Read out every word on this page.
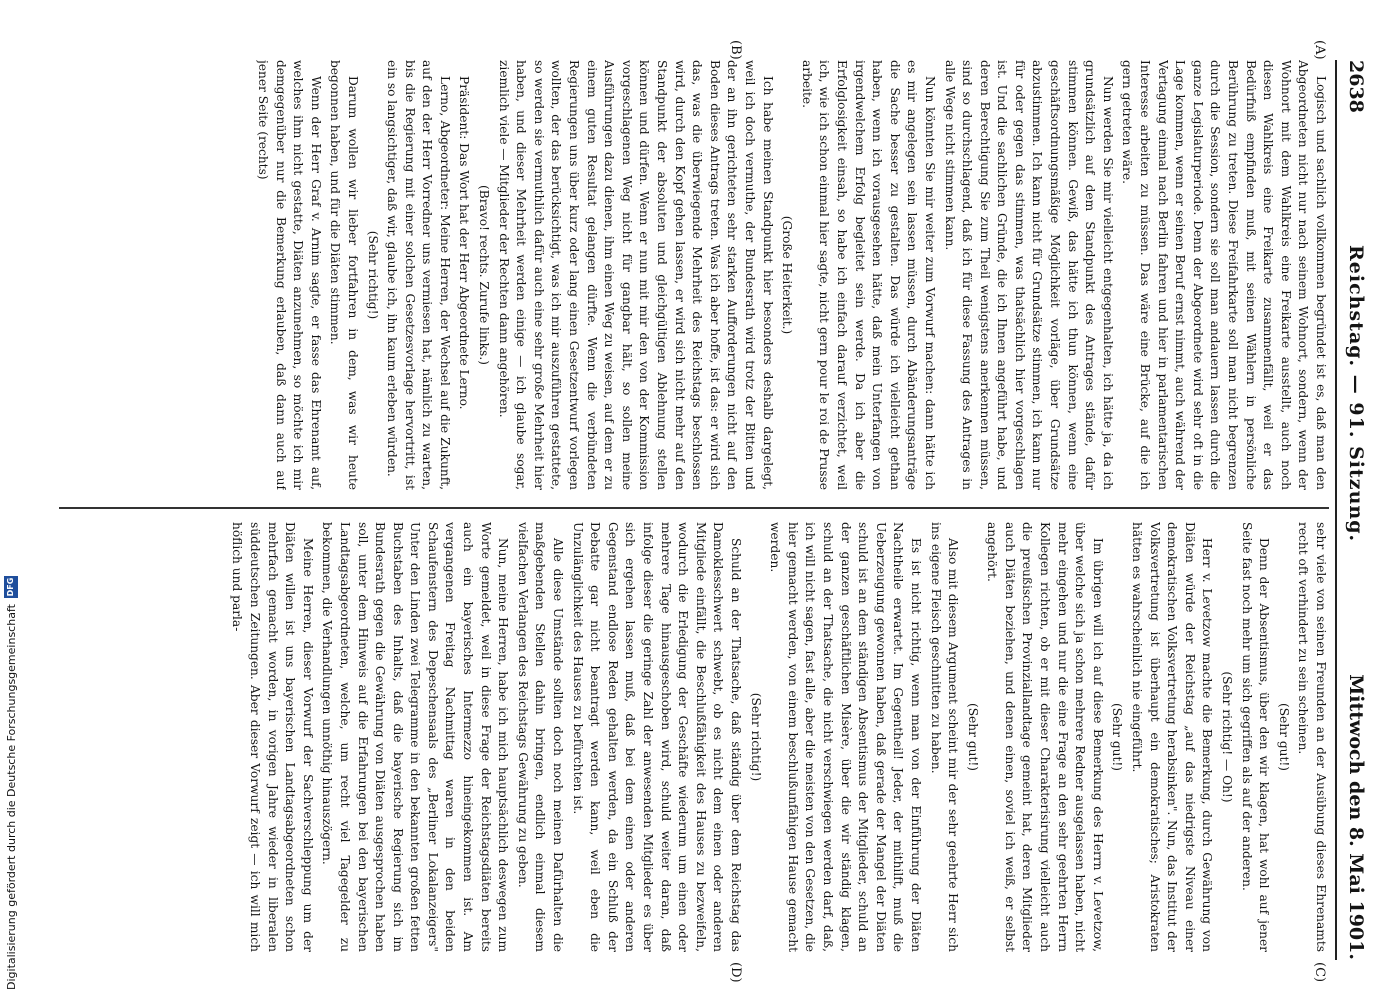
Digitalisierung gefördert durch die Deutsche Forschungsgemeinschaft
DFG
2638
Reichstag. — 91. Sitzung.
Mittwoch den 8. Mai 1901.
(A)
(B)
(C)
(D)

Logisch und sachlich vollkommen begründet ist es, daß man den Abgeordneten nicht nur nach seinem Wohnort, sondern, wenn der Wohnort mit dem Wahlkreis eine Freikarte ausstellt, auch noch diesen Wahlkreis eine Freikarte zusammenfällt, weil er das Bedürfniß empfinden muß, mit seinen Wählern in persönliche Berührung zu treten. Diese Freifahrkarte soll man nicht begrenzen durch die Session, sondern sie soll man andauern lassen durch die ganze Legislaturperiode. Denn der Abgeordnete wird sehr oft in die Lage kommen, wenn er seinen Beruf ernst nimmt, auch während der Vertagung einmal nach Berlin fahren und hier in parlamentarischen Interesse arbeiten zu müssen. Das wäre eine Brücke, auf die ich gern getreten wäre.

Nun werden Sie mir vielleicht entgegenhalten, ich hätte ja, da ich grundsätzlich auf dem Standpunkt des Antrages stände, dafür stimmen können. Gewiß, das hätte ich thun können, wenn eine geschäftsordnungsmäßige Möglichkeit vorläge, über Grundsätze abzustimmen. Ich kann nicht für Grundsätze stimmen, ich kann nur für oder gegen das stimmen, was thatsächlich hier vorgeschlagen ist. Und die sachlichen Gründe, die ich Ihnen angeführt habe, und deren Berechtigung Sie zum Theil wenigstens anerkennen müssen, sind so durchschlagend, daß ich für diese Fassung des Antrages in alle Wege nicht stimmen kann.

Nun könnten Sie mir weiter zum Vorwurf machen: dann hätte ich es mir angelegen sein lassen müssen, durch Abänderungsanträge die Sache besser zu gestalten. Das würde ich vielleicht gethan haben, wenn ich vorausgesehen hätte, daß mein Unterfangen von irgendwelchem Erfolg begleitet sein werde. Da ich aber die Erfolglosigkeit einsah, so habe ich einfach darauf verzichtet, weil ich, wie ich schon einmal hier sagte, nicht gern pour le roi de Prusse arbeite.

(Große Heiterkeit.)

Ich habe meinen Standpunkt hier besonders deshalb dargelegt, weil ich doch vermuthe, der Bundesrath wird trotz der Bitten und der an ihn gerichteten sehr starken Aufforderungen nicht auf den Boden dieses Antrags treten. Was ich aber hoffe, ist das: er wird sich das, was die überwiegende Mehrheit des Reichstags beschlossen wird, durch den Kopf gehen lassen, er wird sich nicht mehr auf den Standpunkt der absoluten und gleichgültigen Ablehnung stellen können und dürfen. Wenn er nun mit mir den von der Kommission vorgeschlagenen Weg nicht für gangbar hält, so sollen meine Ausführungen dazu dienen, ihm einen Weg zu weisen, auf dem er zu einem guten Resultat gelangen dürfte. Wenn die verbündeten Regierungen uns über kurz oder lang einen Gesetzentwurf vorlegen wollten, der das berücksichtigt, was ich mir auszuführen gestattete, so werden sie vermuthlich dafür auch eine sehr große Mehrheit hier haben, und dieser Mehrheit werden einige — ich glaube sogar, ziemlich viele — Mitglieder der Rechten dann angehören.

(Bravo! rechts. Zurufe links.)

Präsident: Das Wort hat der Herr Abgeordnete Lerno.

Lerno, Abgeordneter: Meine Herren, der Wechsel auf die Zukunft, auf den der Herr Vorredner uns vermiesen hat, nämlich zu warten, bis die Regierung mit einer solchen Gesetzesvorlage hervortritt, ist ein so langsichtiger, daß wir, glaube ich, ihn kaum erleben würden.

(Sehr richtig!)

Darum wollen wir lieber fortfahren in dem, was wir heute begonnen haben, und für die Diäten stimmen.

Wenn der Herr Graf v. Arnim sagte, er fasse das Ehrenamt auf, welches ihm nicht gestatte, Diäten anzunehmen, so möchte ich mir demgegenüber nur die Bemerkung erlauben, daß dann auch auf jener Seite (rechts)

sehr viele von seinen Freunden an der Ausübung dieses Ehrenamts recht oft verhindert zu sein scheinen.

(Sehr gut!)

Denn der Absentismus, über den wir klagen, hat wohl auf jener Seite fast noch mehr um sich gegriffen als auf der anderen.

(Sehr richtig! — Oh!)

Herr v. Levetzow machte die Bemerkung, durch Gewährung von Diäten würde der Reichstag „auf das niedrigste Niveau einer demokratischen Volksvertretung herabsinken". Nun, das Institut der Volksvertretung ist überhaupt ein demokratisches; Aristokraten hätten es wahrscheinlich nie eingeführt.

(Sehr gut!)

Im übrigen will ich auf diese Bemerkung des Herrn v. Levetzow, über welche sich ja schon mehrere Redner ausgelassen haben, nicht mehr eingehen und nur die eine Frage an den sehr geehrten Herrn Kollegen richten, ob er mit dieser Charakterisirung vielleicht auch die preußischen Provinziallandtage gemeint hat, deren Mitglieder auch Diäten beziehen, und denen einen, soviel ich weiß, er selbst angehört.

(Sehr gut!)

Also mit diesem Argument scheint mir der sehr geehrte Herr sich ins eigene Fleisch geschnitten zu haben.

Es ist nicht richtig, wenn man von der Einführung der Diäten Nachtheile erwartet. Im Gegentheil! Jeder, der mithilft, muß die Ueberzeugung gewonnen haben, daß gerade der Mangel der Diäten schuld ist an dem ständigen Absentismus der Mitglieder, schuld an der ganzen geschäftlichen Misère, über die wir ständig klagen, schuld an der Thatsache, die nicht verschwiegen werden darf, daß, ich will nicht sagen, fast alle, aber die meisten von den Gesetzen, die hier gemacht werden, von einem beschlußunfähigen Hause gemacht werden.

(Sehr richtig!)

Schuld an der Thatsache, daß ständig über dem Reichstag das Damoklesschwert schwebt, ob es nicht dem einen oder anderen Mitgliede einfällt, die Beschlußfähigkeit des Hauses zu bezweifeln, wodurch die Erledigung der Geschäfte wiederum um einen oder mehrere Tage hinausgeschoben wird, schuld weiter daran, daß infolge dieser die geringe Zahl der anwesenden Mitglieder es über sich ergehen lassen muß, daß bei dem einen oder anderen Gegenstand endlose Reden gehalten werden, da ein Schluß der Debatte gar nicht beantragt werden kann, weil eben die Unzulänglichkeit des Hauses zu befürchten ist.

Alle diese Umstände sollten doch noch meinen Dafürhalten die maßgebenden Stellen dahin bringen, endlich einmal diesem vielfachen Verlangen des Reichstags Gewährung zu geben.

Nun, meine Herren, habe ich mich hauptsächlich deswegen zum Worte gemeldet, weil in diese Frage der Reichstagsdiäten bereits auch ein bayerisches Intermezzo hineingekommen ist. Am vergangenen Freitag Nachmittag waren in den beiden Schaufenstern des Depeschensaals des „Berliner Lokalanzeigers" Unter den Linden zwei Telegramme in den bekannten großen fetten Buchstaben des Inhalts, daß die bayerische Regierung sich im Bundesrath gegen die Gewährung von Diäten ausgesprochen haben soll, unter dem Hinweis auf die Erfahrungen bei den bayerischen Landtagsabgeordneten, welche, um recht viel Tagegelder zu bekommen, die Verhandlungen unnöthig hinauszögern.

Meine Herren, dieser Vorwurf der Sachverschleppung um der Diäten willen ist uns bayerischen Landtagsabgeordneten schon mehrfach gemacht worden, in vorigen Jahre wieder in liberalen süddeutschen Zeitungen. Aber dieser Vorwurf zeigt — ich will mich höflich und parla-
